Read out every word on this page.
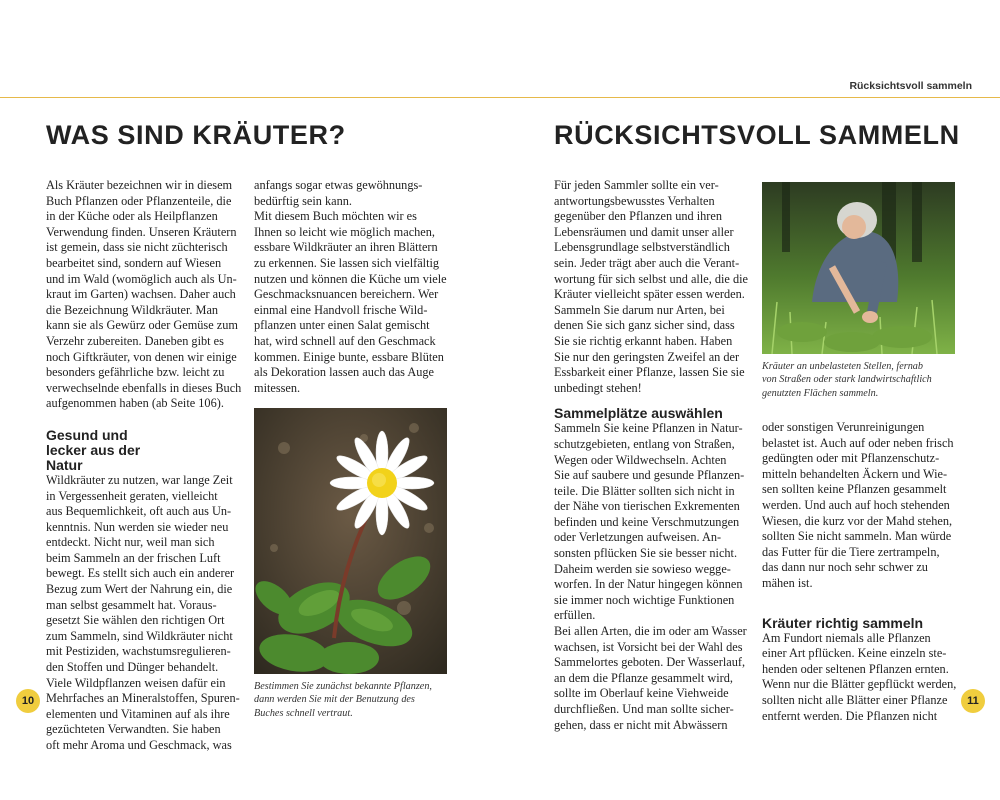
Rücksichtsvoll sammeln
WAS SIND KRÄUTER?
Als Kräuter bezeichnen wir in diesem
Buch Pflanzen oder Pflanzenteile, die
in der Küche oder als Heilpflanzen
Verwendung finden. Unseren Kräutern
ist gemein, dass sie nicht züchterisch
bearbeitet sind, sondern auf Wiesen
und im Wald (womöglich auch als Un-
kraut im Garten) wachsen. Daher auch
die Bezeichnung Wildkräuter. Man
kann sie als Gewürz oder Gemüse zum
Verzehr zubereiten. Daneben gibt es
noch Giftkräuter, von denen wir einige
besonders gefährliche bzw. leicht zu
verwechselnde ebenfalls in dieses Buch
aufgenommen haben (ab Seite 106).
Gesund und lecker aus der Natur
Wildkräuter zu nutzen, war lange Zeit
in Vergessenheit geraten, vielleicht
aus Bequemlichkeit, oft auch aus Un-
kenntnis. Nun werden sie wieder neu
entdeckt. Nicht nur, weil man sich
beim Sammeln an der frischen Luft
bewegt. Es stellt sich auch ein anderer
Bezug zum Wert der Nahrung ein, die
man selbst gesammelt hat. Voraus-
gesetzt Sie wählen den richtigen Ort
zum Sammeln, sind Wildkräuter nicht
mit Pestiziden, wachstumsregulieren-
den Stoffen und Dünger behandelt.
Viele Wildpflanzen weisen dafür ein
Mehrfaches an Mineralstoffen, Spuren-
elementen und Vitaminen auf als ihre
gezüchteten Verwandten. Sie haben
oft mehr Aroma und Geschmack, was
anfangs sogar etwas gewöhnungs-
bedürftig sein kann.
Mit diesem Buch möchten wir es
Ihnen so leicht wie möglich machen,
essbare Wildkräuter an ihren Blättern
zu erkennen. Sie lassen sich vielfältig
nutzen und können die Küche um viele
Geschmacksnuancen bereichern. Wer
einmal eine Handvoll frische Wild-
pflanzen unter einen Salat gemischt
hat, wird schnell auf den Geschmack
kommen. Einige bunte, essbare Blüten
als Dekoration lassen auch das Auge
mitessen.
Bestimmen Sie zunächst bekannte Pflanzen,
dann werden Sie mit der Benutzung des
Buches schnell vertraut.
10
RÜCKSICHTSVOLL SAMMELN
Für jeden Sammler sollte ein ver-
antwortungsbewusstes Verhalten
gegenüber den Pflanzen und ihren
Lebensräumen und damit unser aller
Lebensgrundlage selbstverständlich
sein. Jeder trägt aber auch die Verant-
wortung für sich selbst und alle, die die
Kräuter vielleicht später essen werden.
Sammeln Sie darum nur Arten, bei
denen Sie sich ganz sicher sind, dass
Sie sie richtig erkannt haben. Haben
Sie nur den geringsten Zweifel an der
Essbarkeit einer Pflanze, lassen Sie sie
unbedingt stehen!
Sammelplätze auswählen
Sammeln Sie keine Pflanzen in Natur-
schutzgebieten, entlang von Straßen,
Wegen oder Wildwechseln. Achten
Sie auf saubere und gesunde Pflanzen-
teile. Die Blätter sollten sich nicht in
der Nähe von tierischen Exkrementen
befinden und keine Verschmutzungen
oder Verletzungen aufweisen. An-
sonsten pflücken Sie sie besser nicht.
Daheim werden sie sowieso wegge-
worfen. In der Natur hingegen können
sie immer noch wichtige Funktionen
erfüllen.
Bei allen Arten, die im oder am Wasser
wachsen, ist Vorsicht bei der Wahl des
Sammelortes geboten. Der Wasserlauf,
an dem die Pflanze gesammelt wird,
sollte im Oberlauf keine Viehweide
durchfließen. Und man sollte sicher-
gehen, dass er nicht mit Abwässern
Kräuter an unbelasteten Stellen, fernab
von Straßen oder stark landwirtschaftlich
genutzten Flächen sammeln.
oder sonstigen Verunreinigungen
belastet ist. Auch auf oder neben frisch
gedüngten oder mit Pflanzenschutz-
mitteln behandelten Äckern und Wie-
sen sollten keine Pflanzen gesammelt
werden. Und auch auf hoch stehenden
Wiesen, die kurz vor der Mahd stehen,
sollten Sie nicht sammeln. Man würde
das Futter für die Tiere zertrampeln,
das dann nur noch sehr schwer zu
mähen ist.
Kräuter richtig sammeln
Am Fundort niemals alle Pflanzen
einer Art pflücken. Keine einzeln ste-
henden oder seltenen Pflanzen ernten.
Wenn nur die Blätter gepflückt werden,
sollten nicht alle Blätter einer Pflanze
entfernt werden. Die Pflanzen nicht
11
